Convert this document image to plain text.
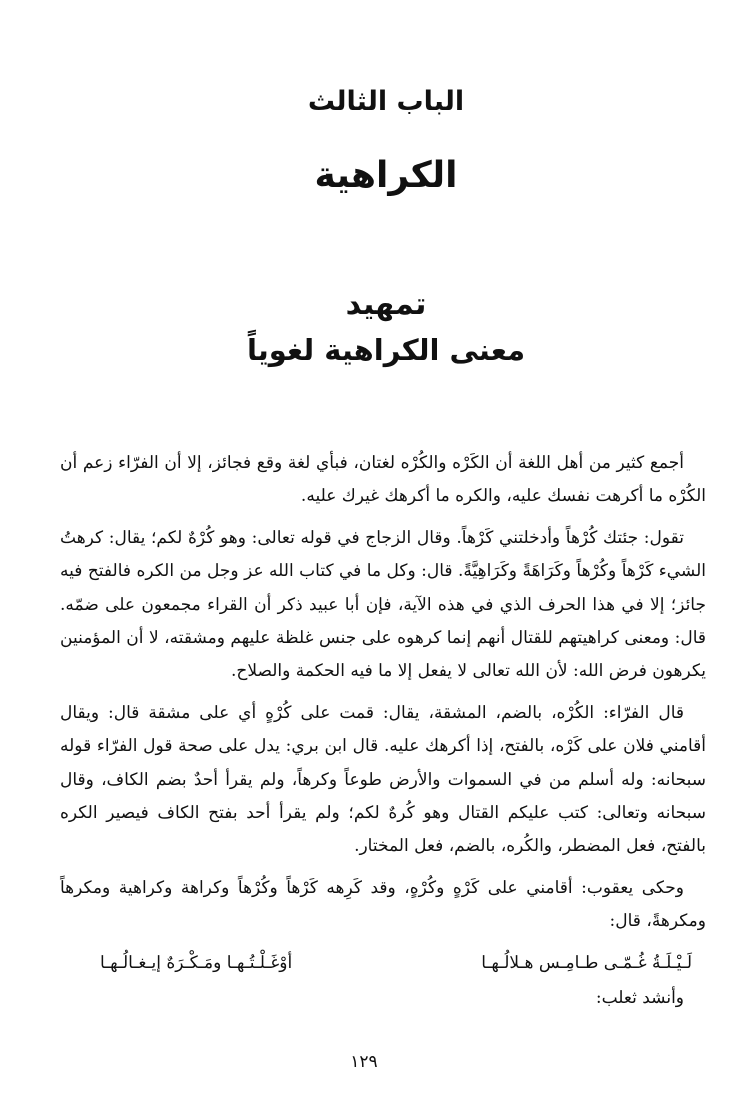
الباب الثالث
الكراهية
تمهيد
معنى الكراهية لغوياً

أجمع كثير من أهل اللغة أن الكَرْه والكُرْه لغتان، فبأي لغة وقع فجائز، إلا أن الفرّاء زعم أن الكُرْه ما أكرهت نفسك عليه، والكره ما أكرهك غيرك عليه.

تقول: جئتك كُرْهاً وأدخلتني كَرْهاً. وقال الزجاج في قوله تعالى: وهو كُرْهٌ لكم؛ يقال: كرهتُ الشيء كَرْهاً وكُرْهاً وكَرَاهَةً وكَرَاهِيَّةً. قال: وكل ما في كتاب الله عز وجل من الكره فالفتح فيه جائز؛ إلا في هذا الحرف الذي في هذه الآية، فإن أبا عبيد ذكر أن القراء مجمعون على ضمّه. قال: ومعنى كراهيتهم للقتال أنهم إنما كرهوه على جنس غلظة عليهم ومشقته، لا أن المؤمنين يكرهون فرض الله: لأن الله تعالى لا يفعل إلا ما فيه الحكمة والصلاح.

قال الفرّاء: الكُرْه، بالضم، المشقة، يقال: قمت على كُرْهٍ أي على مشقة قال: ويقال أقامني فلان على كَرْه، بالفتح، إذا أكرهك عليه. قال ابن بري: يدل على صحة قول الفرّاء قوله سبحانه: وله أسلم من في السموات والأرض طوعاً وكرهاً، ولم يقرأ أحدٌ بضم الكاف، وقال سبحانه وتعالى: كتب عليكم القتال وهو كُرهٌ لكم؛ ولم يقرأ أحد بفتح الكاف فيصير الكره بالفتح، فعل المضطر، والكُره، بالضم، فعل المختار.

وحكى يعقوب: أقامني على كَرْهٍ وكُرْهٍ، وقد كَرِهه كَرْهاً وكُرْهاً وكراهة وكراهية ومكرهاً ومكرهةً، قال:

لَـيْـلَـةُ غُـمّـى طـامِـس هـلالُـهـا
أوْغَـلْـتُـهـا ومَـكْـرَهٌ إيـغـالُـهـا

وأنشد ثعلب:

١٢٩
